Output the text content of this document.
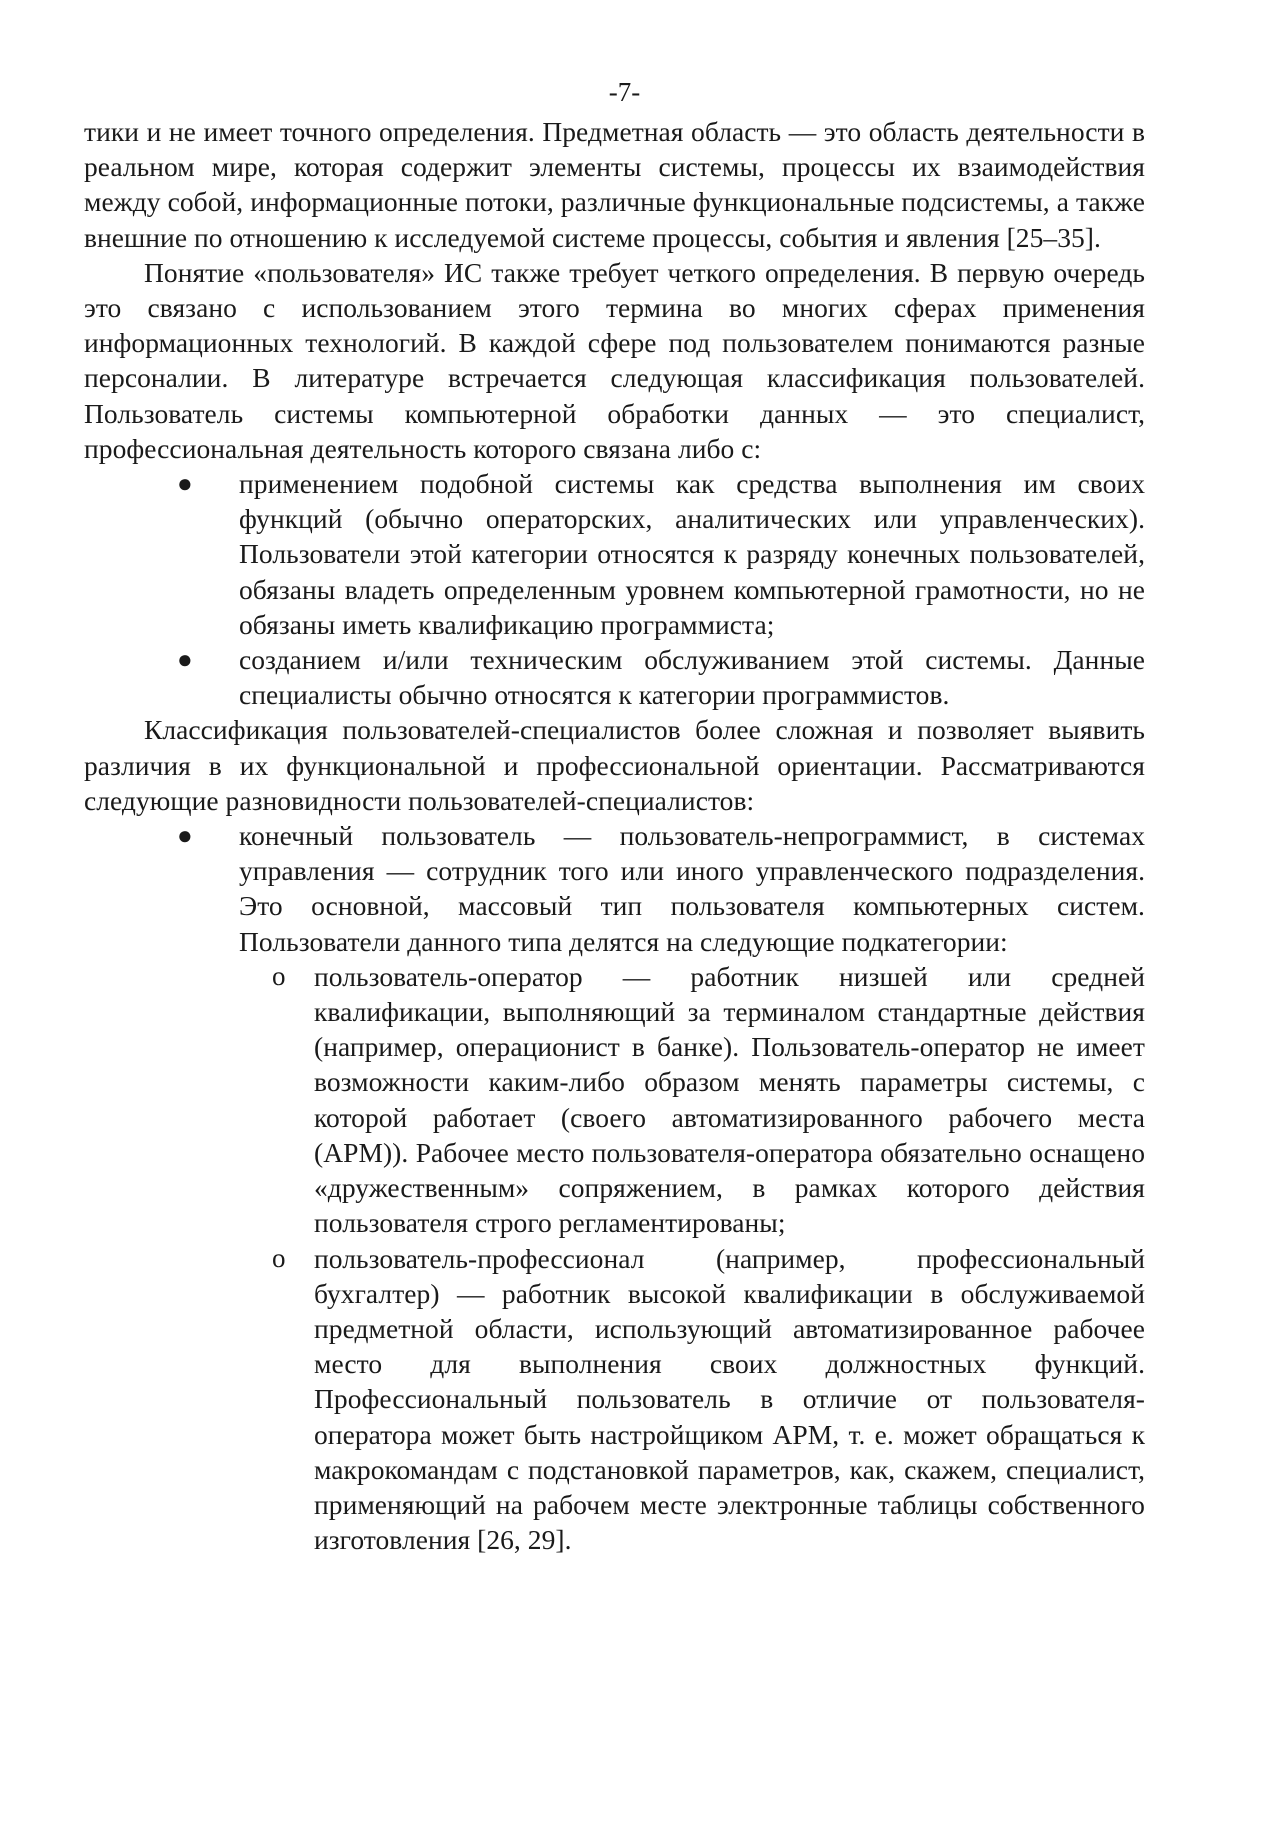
-7-

тики и не имеет точного определения. Предметная область — это область деятельности в реальном мире, которая содержит элементы системы, процессы их взаимодействия между собой, информационные потоки, различные функциональные подсистемы, а также внешние по отношению к исследуемой системе процессы, события и явления [25–35].

Понятие «пользователя» ИС также требует четкого определения. В первую очередь это связано с использованием этого термина во многих сферах применения информационных технологий. В каждой сфере под пользователем понимаются разные персоналии. В литературе встречается следующая классификация пользователей. Пользователь системы компьютерной обработки данных — это специалист, профессиональная деятельность которого связана либо с:

● применением подобной системы как средства выполнения им своих функций (обычно операторских, аналитических или управленческих). Пользователи этой категории относятся к разряду конечных пользователей, обязаны владеть определенным уровнем компьютерной грамотности, но не обязаны иметь квалификацию программиста;
● созданием и/или техническим обслуживанием этой системы. Данные специалисты обычно относятся к категории программистов.

Классификация пользователей-специалистов более сложная и позволяет выявить различия в их функциональной и профессиональной ориентации. Рассматриваются следующие разновидности пользователей-специалистов:

● конечный пользователь — пользователь-непрограммист, в системах управления — сотрудник того или иного управленческого подразделения. Это основной, массовый тип пользователя компьютерных систем. Пользователи данного типа делятся на следующие подкатегории:
o пользователь-оператор — работник низшей или средней квалификации, выполняющий за терминалом стандартные действия (например, операционист в банке). Пользователь-оператор не имеет возможности каким-либо образом менять параметры системы, с которой работает (своего автоматизированного рабочего места (АРМ)). Рабочее место пользователя-оператора обязательно оснащено «дружественным» сопряжением, в рамках которого действия пользователя строго регламентированы;
o пользователь-профессионал (например, профессиональный бухгалтер) — работник высокой квалификации в обслуживаемой предметной области, использующий автоматизированное рабочее место для выполнения своих должностных функций. Профессиональный пользователь в отличие от пользователя-оператора может быть настройщиком АРМ, т. е. может обращаться к макрокомандам с подстановкой параметров, как, скажем, специалист, применяющий на рабочем месте электронные таблицы собственного изготовления [26, 29].
